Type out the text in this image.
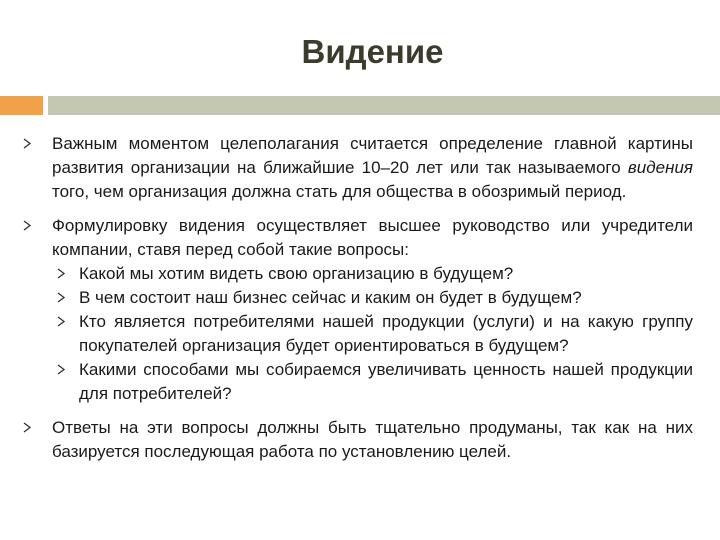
Видение
Важным моментом целеполагания считается определение главной картины развития организации на ближайшие 10–20 лет или так называемого видения того, чем организация должна стать для общества в обозримый период.
Формулировку видения осуществляет высшее руководство или учредители компании, ставя перед собой такие вопросы:
Какой мы хотим видеть свою организацию в будущем?
В чем состоит наш бизнес сейчас и каким он будет в будущем?
Кто является потребителями нашей продукции (услуги) и на какую группу покупателей организация будет ориентироваться в будущем?
Какими способами мы собираемся увеличивать ценность нашей продукции для потребителей?
Ответы на эти вопросы должны быть тщательно продуманы, так как на них базируется последующая работа по установлению целей.
